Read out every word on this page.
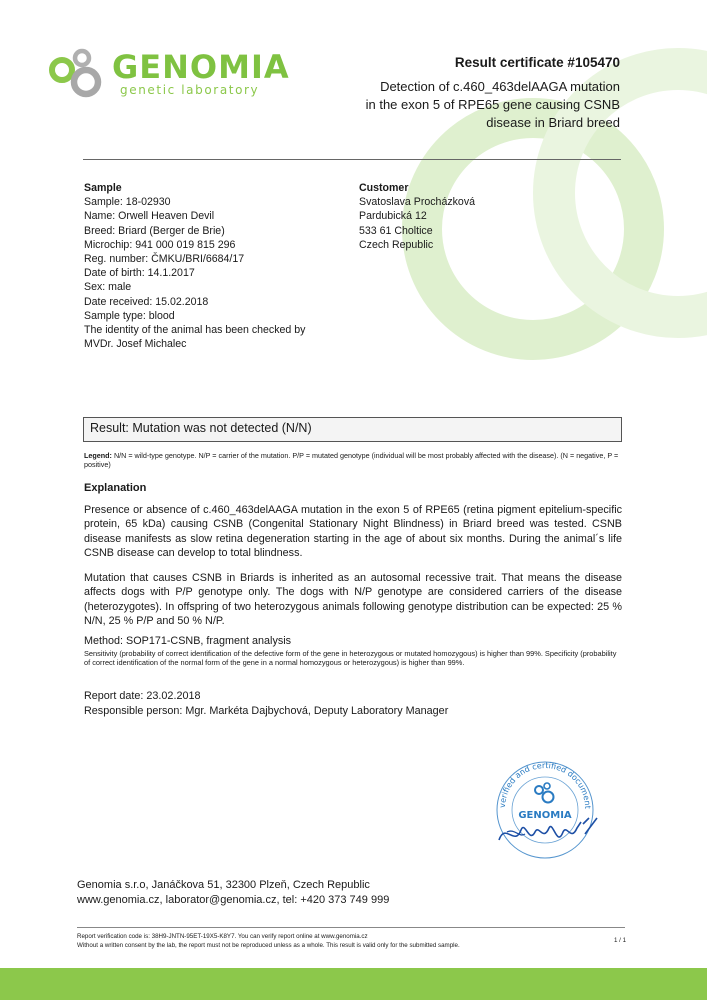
GENOMIA
genetic laboratory
Result certificate #105470
Detection of c.460_463delAAGA mutation
in the exon 5 of RPE65 gene causing CSNB
disease in Briard breed
Sample
Sample: 18-02930
Name: Orwell Heaven Devil
Breed: Briard (Berger de Brie)
Microchip: 941 000 019 815 296
Reg. number: ČMKU/BRI/6684/17
Date of birth: 14.1.2017
Sex: male
Date received: 15.02.2018
Sample type: blood
The identity of the animal has been checked by
MVDr. Josef Michalec
Customer
Svatoslava Procházková
Pardubická 12
533 61 Choltice
Czech Republic
Result: Mutation was not detected (N/N)
Legend: N/N = wild-type genotype. N/P = carrier of the mutation. P/P = mutated genotype (individual will be most probably affected with the disease). (N = negative, P = positive)
Explanation
Presence or absence of c.460_463delAAGA mutation in the exon 5 of RPE65 (retina pigment epitelium-specific protein, 65 kDa) causing CSNB (Congenital Stationary Night Blindness) in Briard breed was tested. CSNB disease manifests as slow retina degeneration starting in the age of about six months. During the animal´s life CSNB disease can develop to total blindness.
Mutation that causes CSNB in Briards is inherited as an autosomal recessive trait. That means the disease affects dogs with P/P genotype only. The dogs with N/P genotype are considered carriers of the disease (heterozygotes). In offspring of two heterozygous animals following genotype distribution can be expected: 25 % N/N, 25 % P/P and 50 % N/P.
Method: SOP171-CSNB, fragment analysis
Sensitivity (probability of correct identification of the defective form of the gene in heterozygous or mutated homozygous) is higher than 99%. Specificity (probability of correct identification of the normal form of the gene in a normal homozygous or heterozygous) is higher than 99%.
Report date: 23.02.2018
Responsible person: Mgr. Markéta Dajbychová, Deputy Laboratory Manager
verified and certified document
GENOMIA
Genomia s.r.o, Janáčkova 51, 32300 Plzeň, Czech Republic
www.genomia.cz, laborator@genomia.cz, tel: +420 373 749 999
Report verification code is: 38H9-JNTN-95ET-19X5-K8Y7. You can verify report online at www.genomia.cz
Without a written consent by the lab, the report must not be reproduced unless as a whole. This result is valid only for the submitted sample.
1 / 1
